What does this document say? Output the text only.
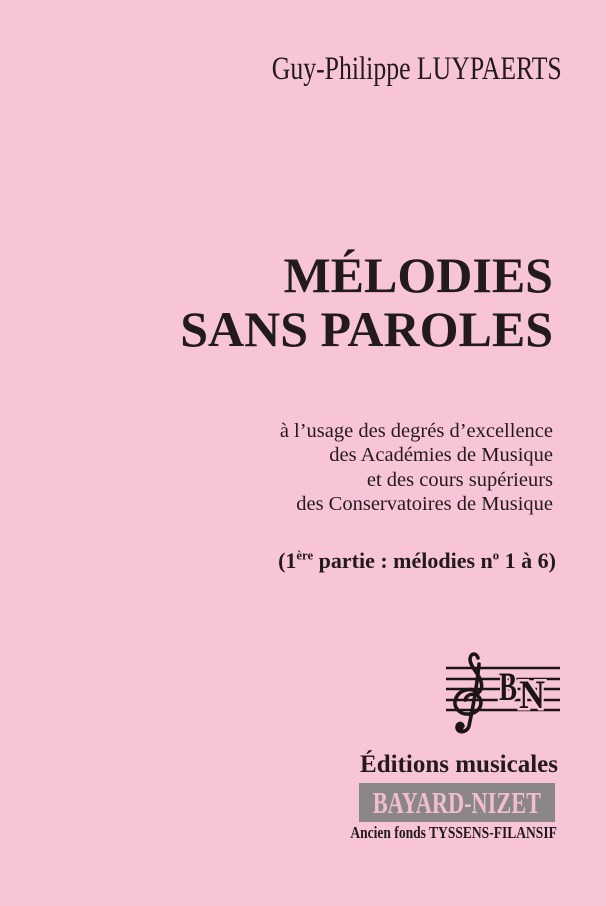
Guy-Philippe LUYPAERTS
MÉLODIES
SANS PAROLES
à l’usage des degrés d’excellence
des Académies de Musique
et des cours supérieurs
des Conservatoires de Musique
(1ère partie : mélodies $n^o$ 1 à 6)
B N
Éditions musicales
BAYARD-NIZET
Ancien fonds TYSSENS-FILANSIF
